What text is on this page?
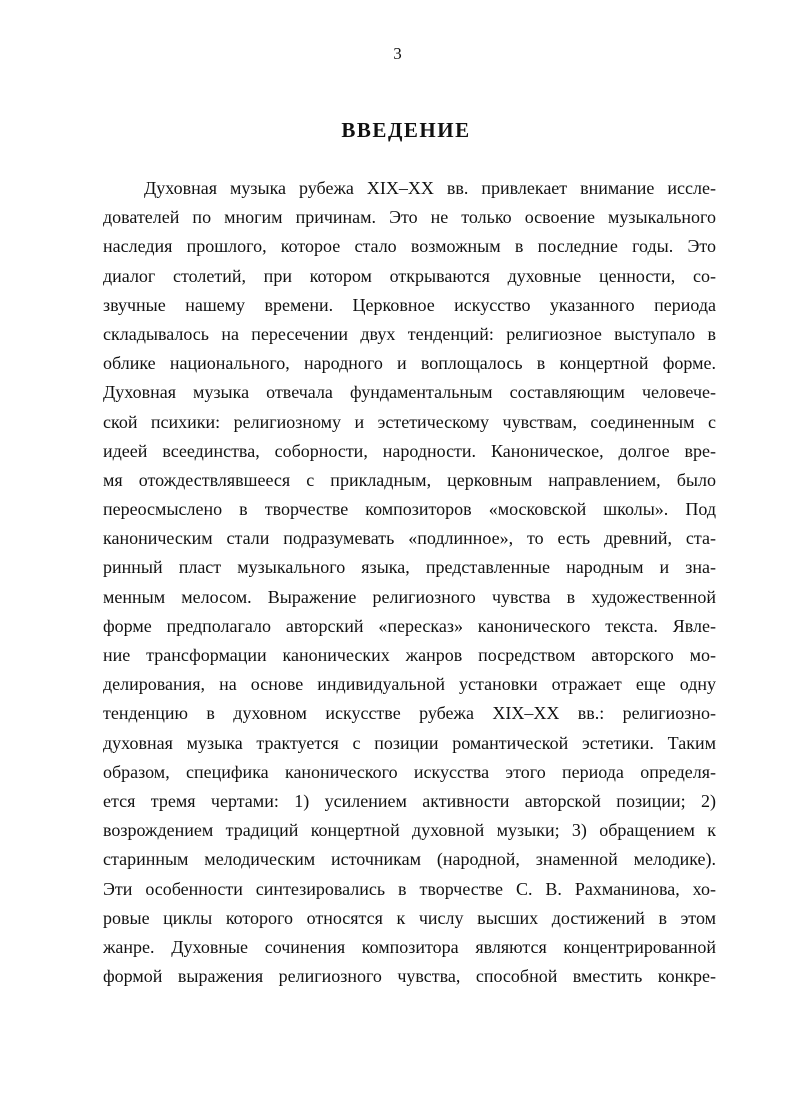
3
ВВЕДЕНИЕ
Духовная музыка рубежа XIX–XX вв. привлекает внимание иссле-
дователей по многим причинам. Это не только освоение музыкального
наследия прошлого, которое стало возможным в последние годы. Это
диалог столетий, при котором открываются духовные ценности, со-
звучные нашему времени. Церковное искусство указанного периода
складывалось на пересечении двух тенденций: религиозное выступало в
облике национального, народного и воплощалось в концертной форме.
Духовная музыка отвечала фундаментальным составляющим человече-
ской психики: религиозному и эстетическому чувствам, соединенным с
идеей всеединства, соборности, народности. Каноническое, долгое вре-
мя отождествлявшееся с прикладным, церковным направлением, было
переосмыслено в творчестве композиторов «московской школы». Под
каноническим стали подразумевать «подлинное», то есть древний, ста-
ринный пласт музыкального языка, представленные народным и зна-
менным мелосом. Выражение религиозного чувства в художественной
форме предполагало авторский «пересказ» канонического текста. Явле-
ние трансформации канонических жанров посредством авторского мо-
делирования, на основе индивидуальной установки отражает еще одну
тенденцию в духовном искусстве рубежа XIX–XX вв.: религиозно-
духовная музыка трактуется с позиции романтической эстетики. Таким
образом, специфика канонического искусства этого периода определя-
ется тремя чертами: 1) усилением активности авторской позиции; 2)
возрождением традиций концертной духовной музыки; 3) обращением к
старинным мелодическим источникам (народной, знаменной мелодике).
Эти особенности синтезировались в творчестве С. В. Рахманинова, хо-
ровые циклы которого относятся к числу высших достижений в этом
жанре. Духовные сочинения композитора являются концентрированной
формой выражения религиозного чувства, способной вместить конкре-
